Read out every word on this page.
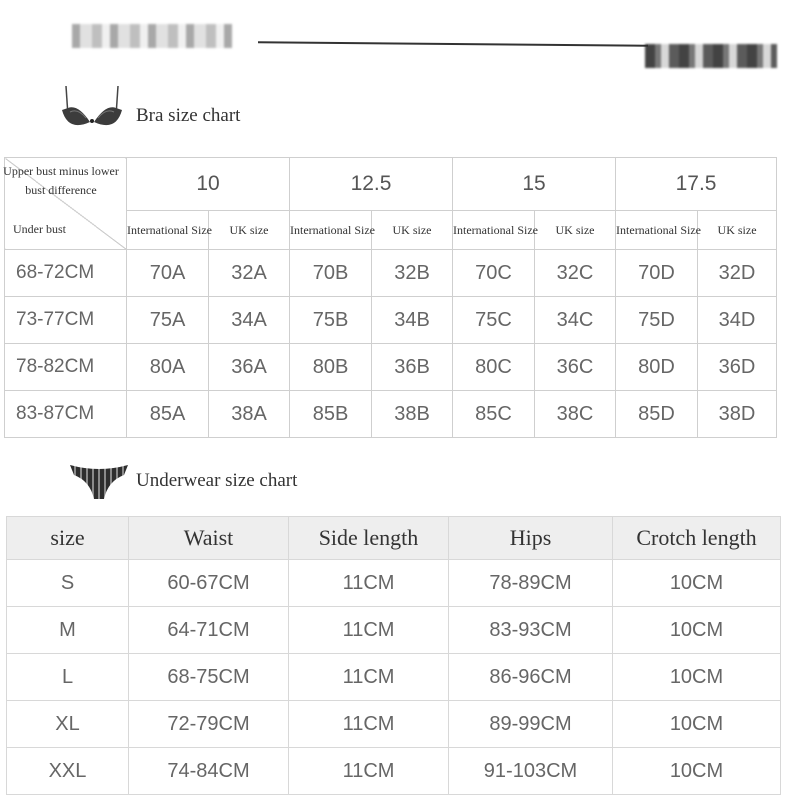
Bra size chart
Upper bust minus lower bust difference
Under bust	10		12.5		15		17.5	
	International Size	UK size	International Size	UK size	International Size	UK size	International Size	UK size
68-72CM	70A	32A	70B	32B	70C	32C	70D	32D
73-77CM	75A	34A	75B	34B	75C	34C	75D	34D
78-82CM	80A	36A	80B	36B	80C	36C	80D	36D
83-87CM	85A	38A	85B	38B	85C	38C	85D	38D
Underwear size chart
size	Waist	Side length	Hips	Crotch length
S	60-67CM	11CM	78-89CM	10CM
M	64-71CM	11CM	83-93CM	10CM
L	68-75CM	11CM	86-96CM	10CM
XL	72-79CM	11CM	89-99CM	10CM
XXL	74-84CM	11CM	91-103CM	10CM
